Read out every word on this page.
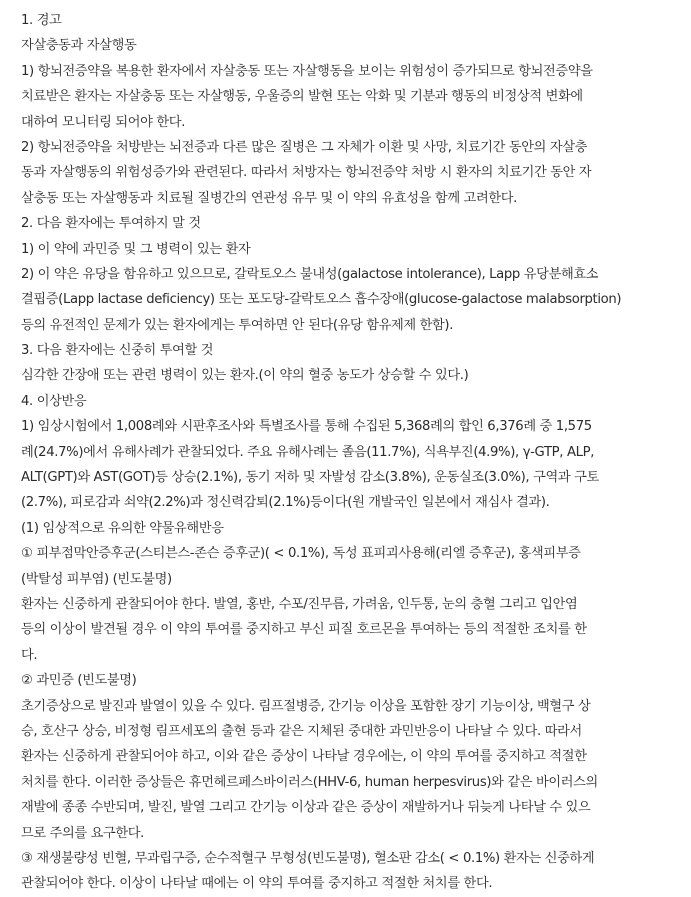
1. 경고
자살충동과 자살행동
1) 항뇌전증약을 복용한 환자에서 자살충동 또는 자살행동을 보이는 위험성이 증가되므로 항뇌전증약을
치료받은 환자는 자살충동 또는 자살행동, 우울증의 발현 또는 악화 및 기분과 행동의 비정상적 변화에
대하여 모니터링 되어야 한다.
2) 항뇌전증약을 처방받는 뇌전증과 다른 많은 질병은 그 자체가 이환 및 사망, 치료기간 동안의 자살충
동과 자살행동의 위험성증가와 관련된다. 따라서 처방자는 항뇌전증약 처방 시 환자의 치료기간 동안 자
살충동 또는 자살행동과 치료될 질병간의 연관성 유무 및 이 약의 유효성을 함께 고려한다.
2. 다음 환자에는 투여하지 말 것
1) 이 약에 과민증 및 그 병력이 있는 환자
2) 이 약은 유당을 함유하고 있으므로, 갈락토오스 불내성(galactose intolerance), Lapp 유당분해효소
결핍증(Lapp lactase deficiency) 또는 포도당-갈락토오스 흡수장애(glucose-galactose malabsorption)
등의 유전적인 문제가 있는 환자에게는 투여하면 안 된다(유당 함유제제 한함).
3. 다음 환자에는 신중히 투여할 것
심각한 간장애 또는 관련 병력이 있는 환자.(이 약의 혈중 농도가 상승할 수 있다.)
4. 이상반응
1) 임상시험에서 1,008례와 시판후조사와 특별조사를 통해 수집된 5,368례의 합인 6,376례 중 1,575
례(24.7%)에서 유해사례가 관찰되었다. 주요 유해사례는 졸음(11.7%), 식욕부진(4.9%), γ-GTP, ALP,
ALT(GPT)와 AST(GOT)등 상승(2.1%), 동기 저하 및 자발성 감소(3.8%), 운동실조(3.0%), 구역과 구토
(2.7%), 피로감과 쇠약(2.2%)과 정신력감퇴(2.1%)등이다(원 개발국인 일본에서 재심사 결과).
(1) 임상적으로 유의한 약물유해반응
① 피부점막안증후군(스티븐스-존슨 증후군)( < 0.1%), 독성 표피괴사용해(리엘 증후군), 홍색피부증
(박탈성 피부염) (빈도불명)
환자는 신중하게 관찰되어야 한다. 발열, 홍반, 수포/진무름, 가려움, 인두통, 눈의 충혈 그리고 입안염
등의 이상이 발견될 경우 이 약의 투여를 중지하고 부신 피질 호르몬을 투여하는 등의 적절한 조치를 한
다.
② 과민증 (빈도불명)
초기증상으로 발진과 발열이 있을 수 있다. 림프절병증, 간기능 이상을 포함한 장기 기능이상, 백혈구 상
승, 호산구 상승, 비정형 림프세포의 출현 등과 같은 지체된 중대한 과민반응이 나타날 수 있다. 따라서
환자는 신중하게 관찰되어야 하고, 이와 같은 증상이 나타날 경우에는, 이 약의 투여를 중지하고 적절한
처치를 한다. 이러한 증상들은 휴먼헤르페스바이러스(HHV-6, human herpesvirus)와 같은 바이러스의
재발에 종종 수반되며, 발진, 발열 그리고 간기능 이상과 같은 증상이 재발하거나 뒤늦게 나타날 수 있으
므로 주의를 요구한다.
③ 재생불량성 빈혈, 무과립구증, 순수적혈구 무형성(빈도불명), 혈소판 감소( < 0.1%) 환자는 신중하게
관찰되어야 한다. 이상이 나타날 때에는 이 약의 투여를 중지하고 적절한 처치를 한다.
